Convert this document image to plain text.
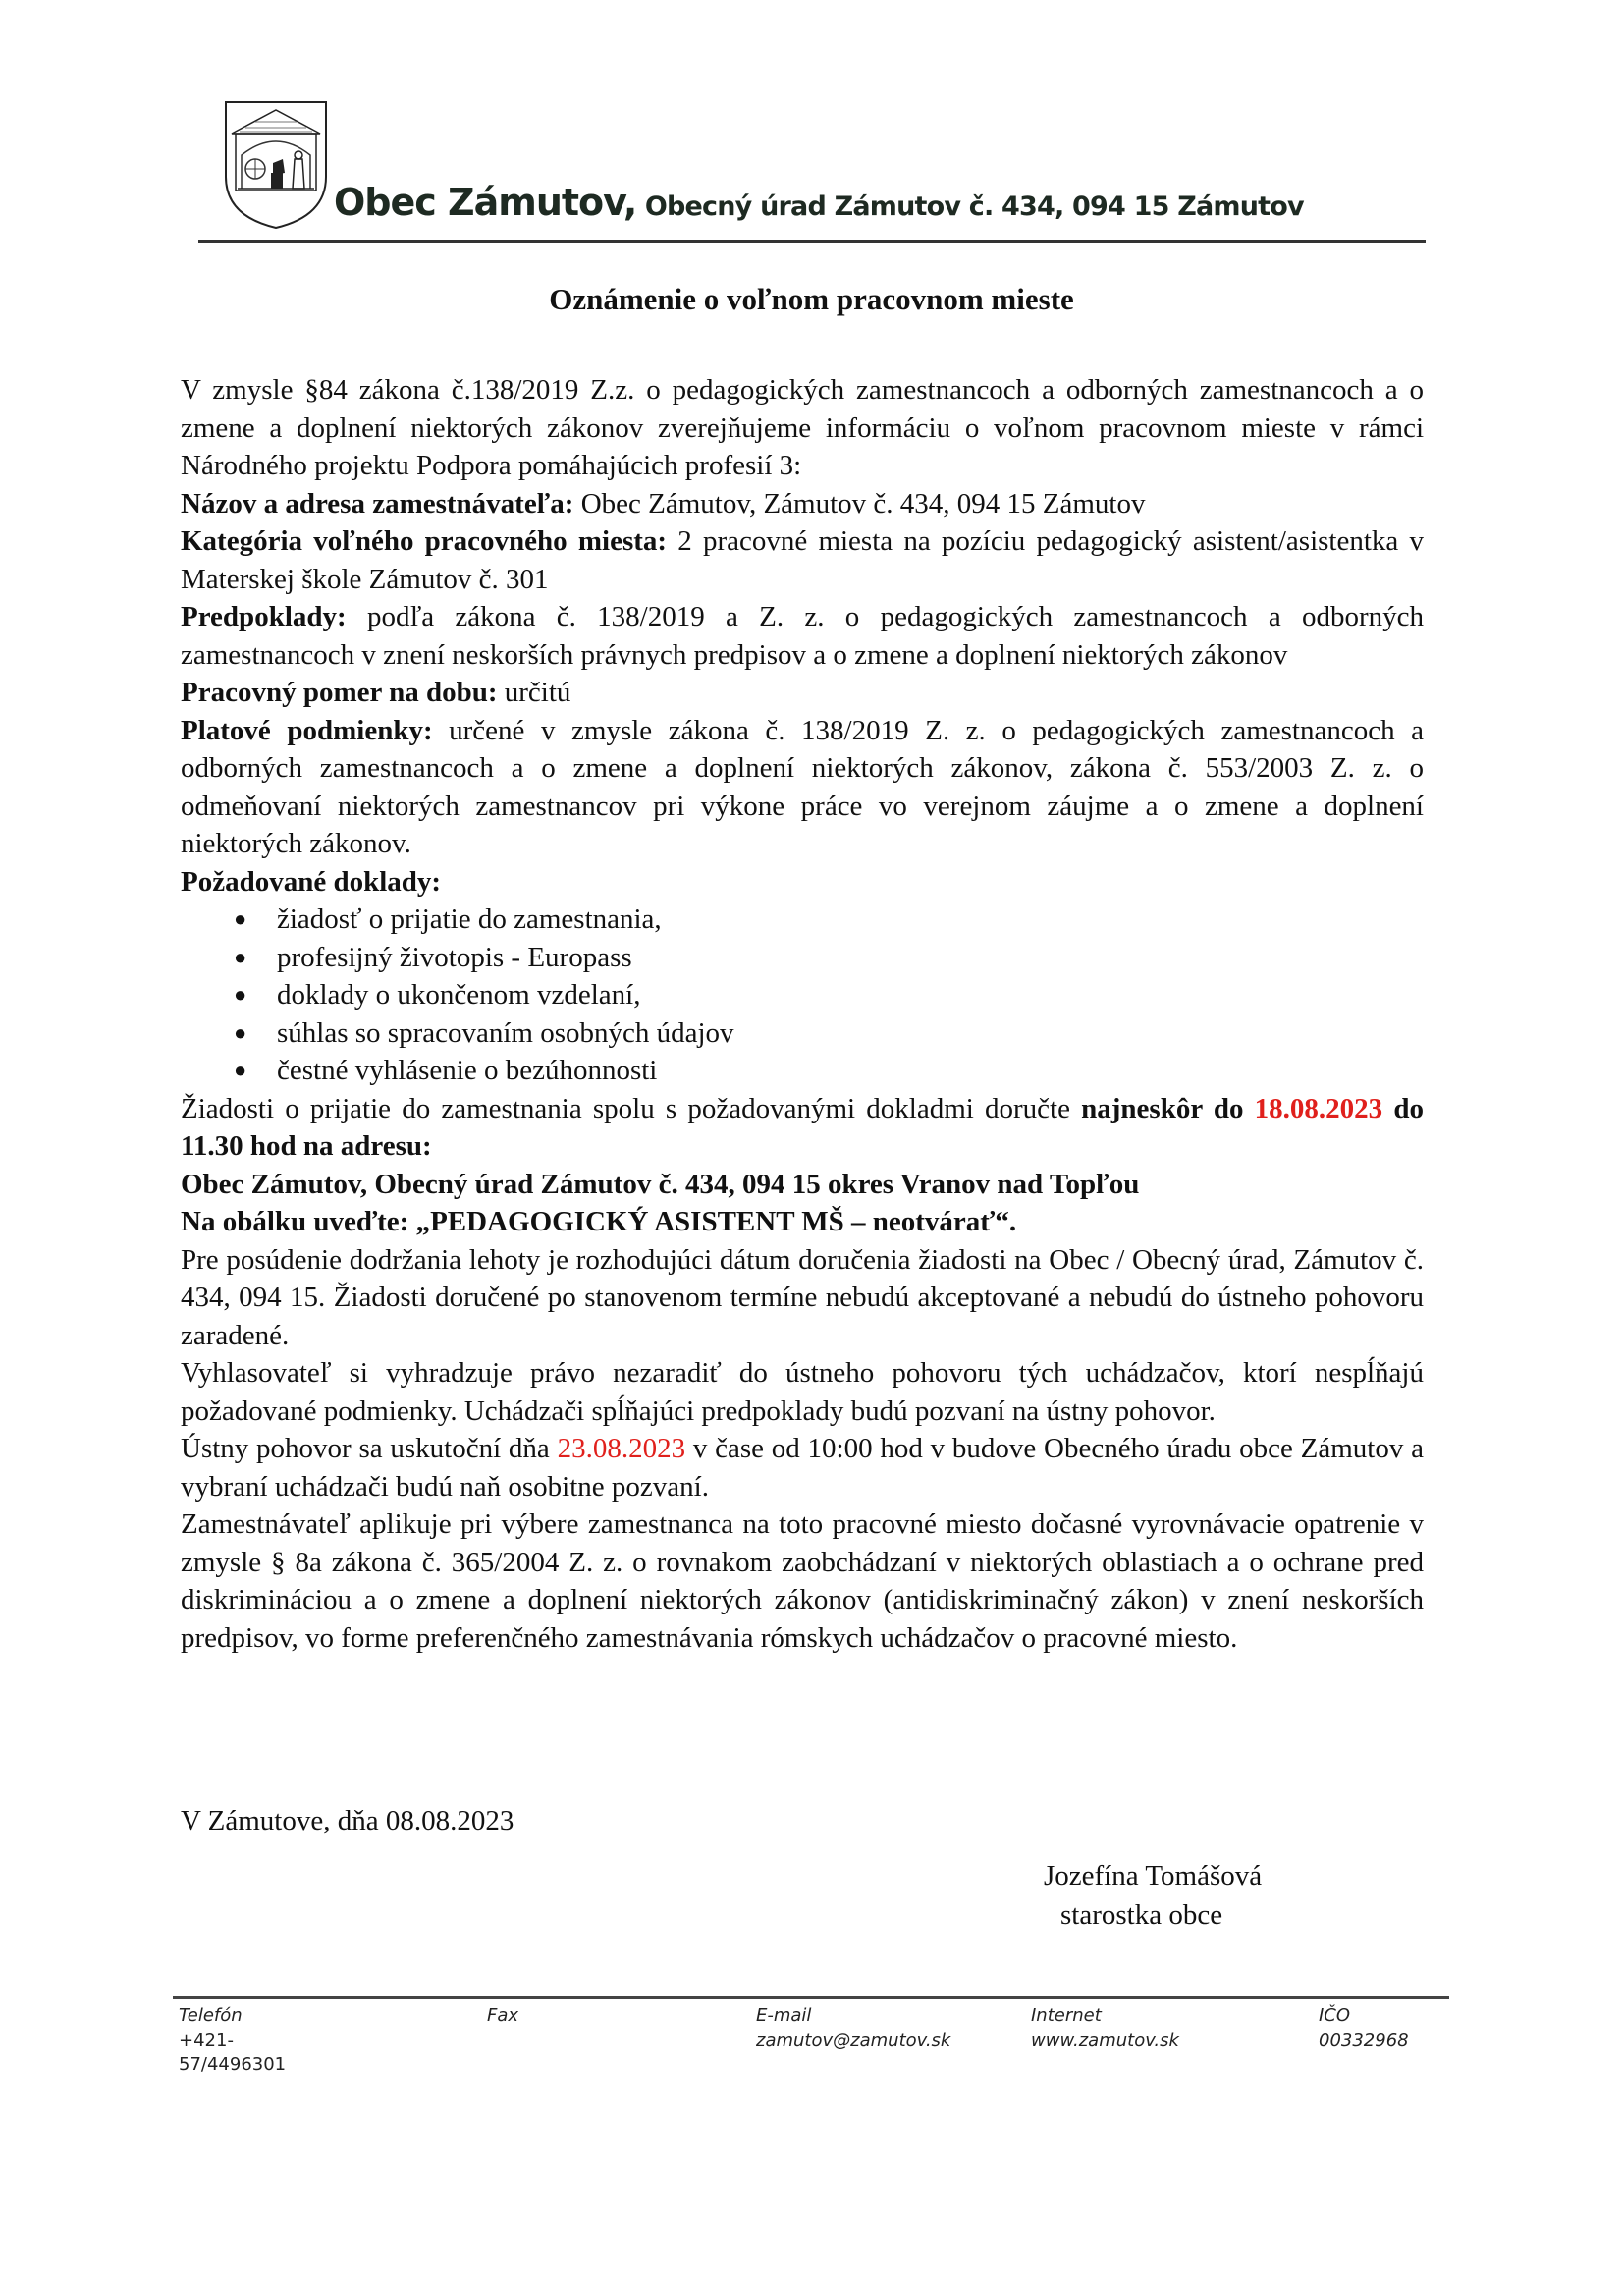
Obec Zámutov, Obecný úrad Zámutov č. 434, 094 15 Zámutov
Oznámenie o voľnom pracovnom mieste

V zmysle §84 zákona č.138/2019 Z.z. o pedagogických zamestnancoch a odborných zamestnancoch a o zmene a doplnení niektorých zákonov zverejňujeme informáciu o voľnom pracovnom mieste v rámci Národného projektu Podpora pomáhajúcich profesií 3:

Názov a adresa zamestnávateľa: Obec Zámutov, Zámutov č. 434, 094 15 Zámutov

Kategória voľného pracovného miesta: 2 pracovné miesta na pozíciu pedagogický asistent/asistentka v Materskej škole Zámutov č. 301

Predpoklady: podľa zákona č. 138/2019 a Z. z. o pedagogických zamestnancoch a odborných zamestnancoch v znení neskorších právnych predpisov a o zmene a doplnení niektorých zákonov

Pracovný pomer na dobu: určitú

Platové podmienky: určené v zmysle zákona č. 138/2019 Z. z. o pedagogických zamestnancoch a odborných zamestnancoch a o zmene a doplnení niektorých zákonov, zákona č. 553/2003 Z. z. o odmeňovaní niektorých zamestnancov pri výkone práce vo verejnom záujme a o zmene a doplnení niektorých zákonov.

Požadované doklady:

● žiadosť o prijatie do zamestnania,
● profesijný životopis - Europass
● doklady o ukončenom vzdelaní,
● súhlas so spracovaním osobných údajov
● čestné vyhlásenie o bezúhonnosti

Žiadosti o prijatie do zamestnania spolu s požadovanými dokladmi doručte najneskôr do 18.08.2023 do 11.30 hod na adresu:

Obec Zámutov, Obecný úrad Zámutov č. 434, 094 15 okres Vranov nad Topľou

Na obálku uveďte: „PEDAGOGICKÝ ASISTENT MŠ – neotvárať“.

Pre posúdenie dodržania lehoty je rozhodujúci dátum doručenia žiadosti na Obec / Obecný úrad, Zámutov č. 434, 094 15. Žiadosti doručené po stanovenom termíne nebudú akceptované a nebudú do ústneho pohovoru zaradené.

Vyhlasovateľ si vyhradzuje právo nezaradiť do ústneho pohovoru tých uchádzačov, ktorí nespĺňajú požadované podmienky. Uchádzači spĺňajúci predpoklady budú pozvaní na ústny pohovor.

Ústny pohovor sa uskutoční dňa 23.08.2023 v čase od 10:00 hod v budove Obecného úradu obce Zámutov a vybraní uchádzači budú naň osobitne pozvaní.

Zamestnávateľ aplikuje pri výbere zamestnanca na toto pracovné miesto dočasné vyrovnávacie opatrenie v zmysle § 8a zákona č. 365/2004 Z. z. o rovnakom zaobchádzaní v niektorých oblastiach a o ochrane pred diskrimináciou a o zmene a doplnení niektorých zákonov (antidiskriminačný zákon) v znení neskorších predpisov, vo forme preferenčného zamestnávania rómskych uchádzačov o pracovné miesto.

V Zámutove, dňa 08.08.2023
Jozefína Tomášová
starostka obce
Telefón
+421-
57/4496301
Fax	E-mail
zamutov@zamutov.sk
Internet
www.zamutov.sk
IČO
00332968
